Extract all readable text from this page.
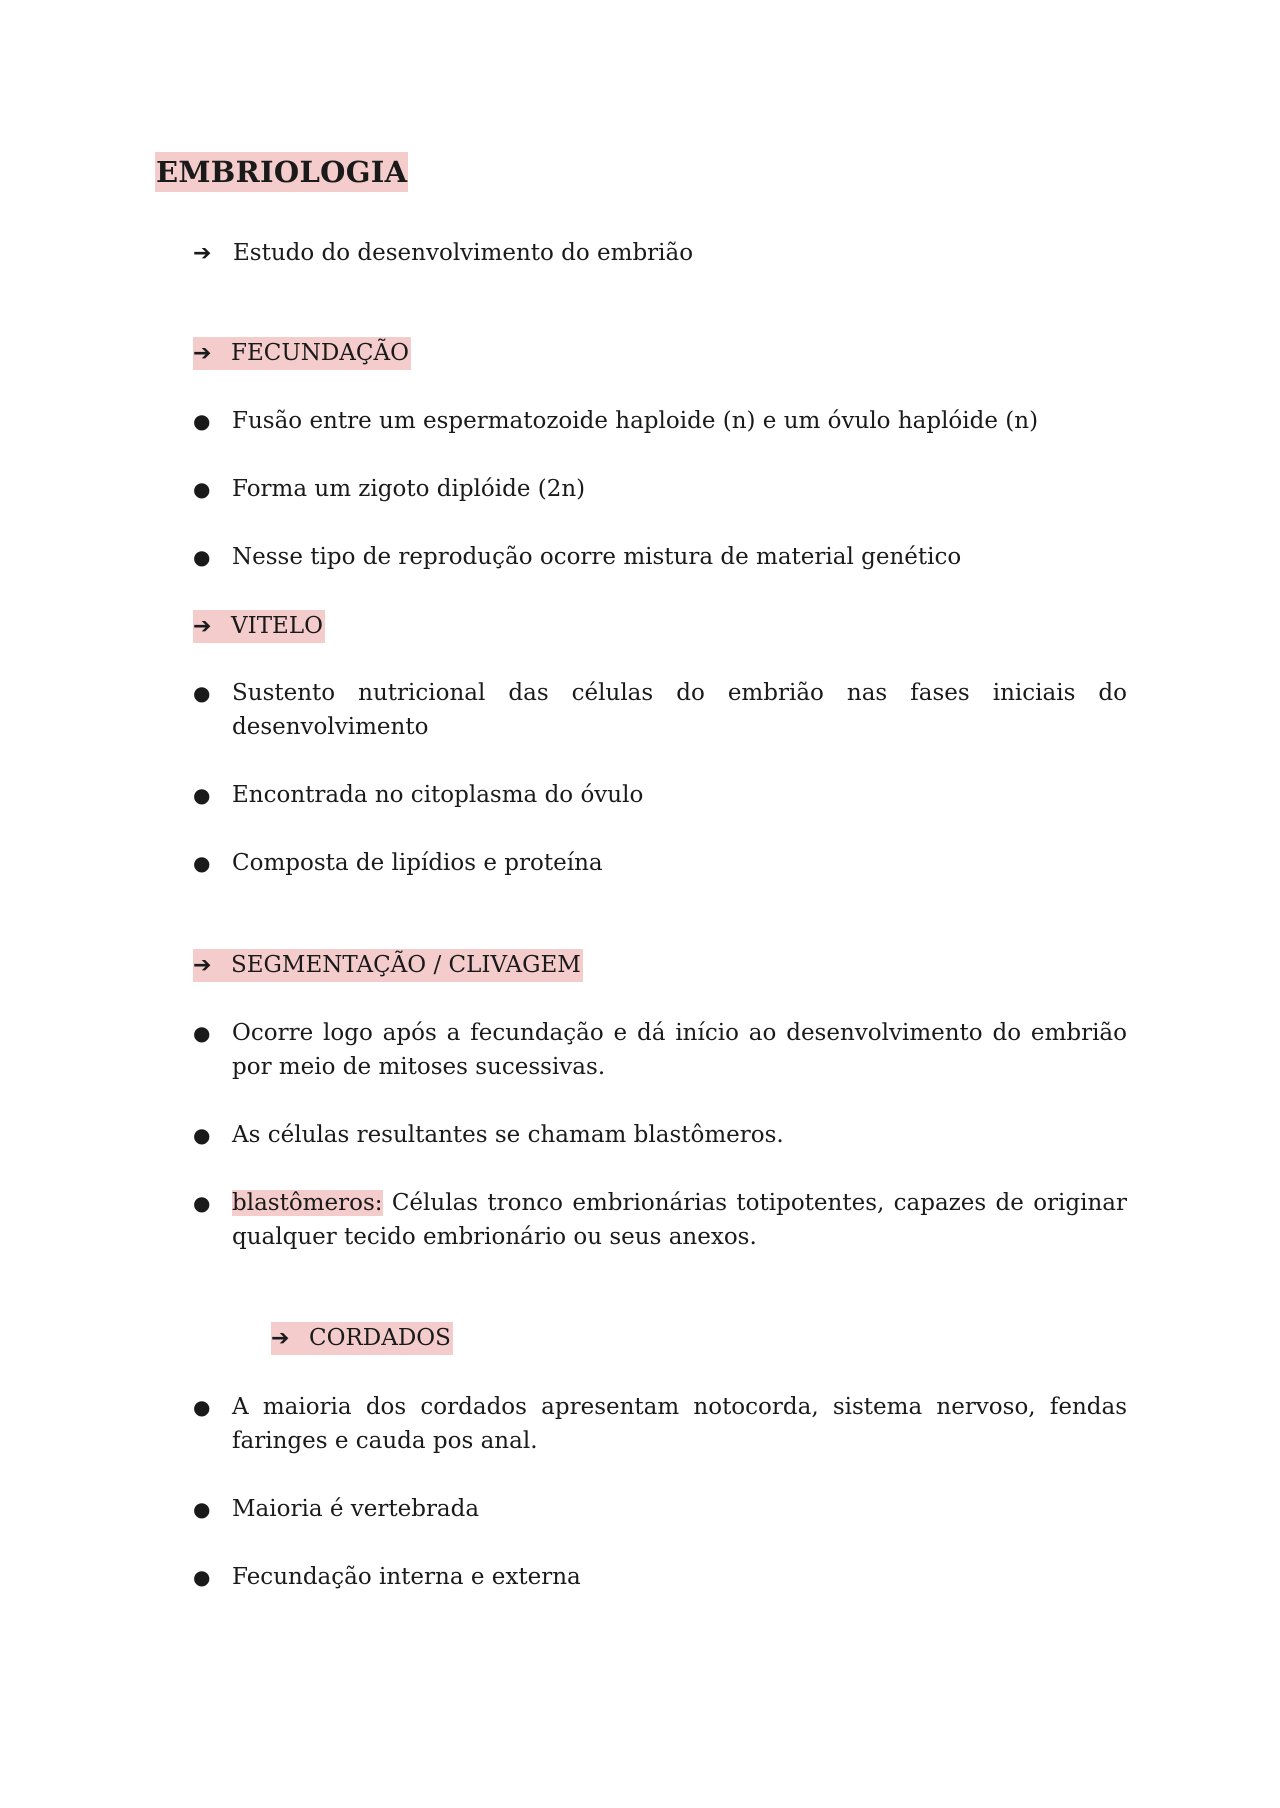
EMBRIOLOGIA
➔ Estudo do desenvolvimento do embrião
➔ FECUNDAÇÃO
● Fusão entre um espermatozoide haploide (n) e um óvulo haplóide (n)
● Forma um zigoto diplóide (2n)
● Nesse tipo de reprodução ocorre mistura de material genético
➔ VITELO
● Sustento nutricional das células do embrião nas fases iniciais do desenvolvimento
● Encontrada no citoplasma do óvulo
● Composta de lipídios e proteína
➔ SEGMENTAÇÃO / CLIVAGEM
● Ocorre logo após a fecundação e dá início ao desenvolvimento do embrião por meio de mitoses sucessivas.
● As células resultantes se chamam blastômeros.
● blastômeros: Células tronco embrionárias totipotentes, capazes de originar qualquer tecido embrionário ou seus anexos.
➔ CORDADOS
● A maioria dos cordados apresentam notocorda, sistema nervoso, fendas faringes e cauda pos anal.
● Maioria é vertebrada
● Fecundação interna e externa
